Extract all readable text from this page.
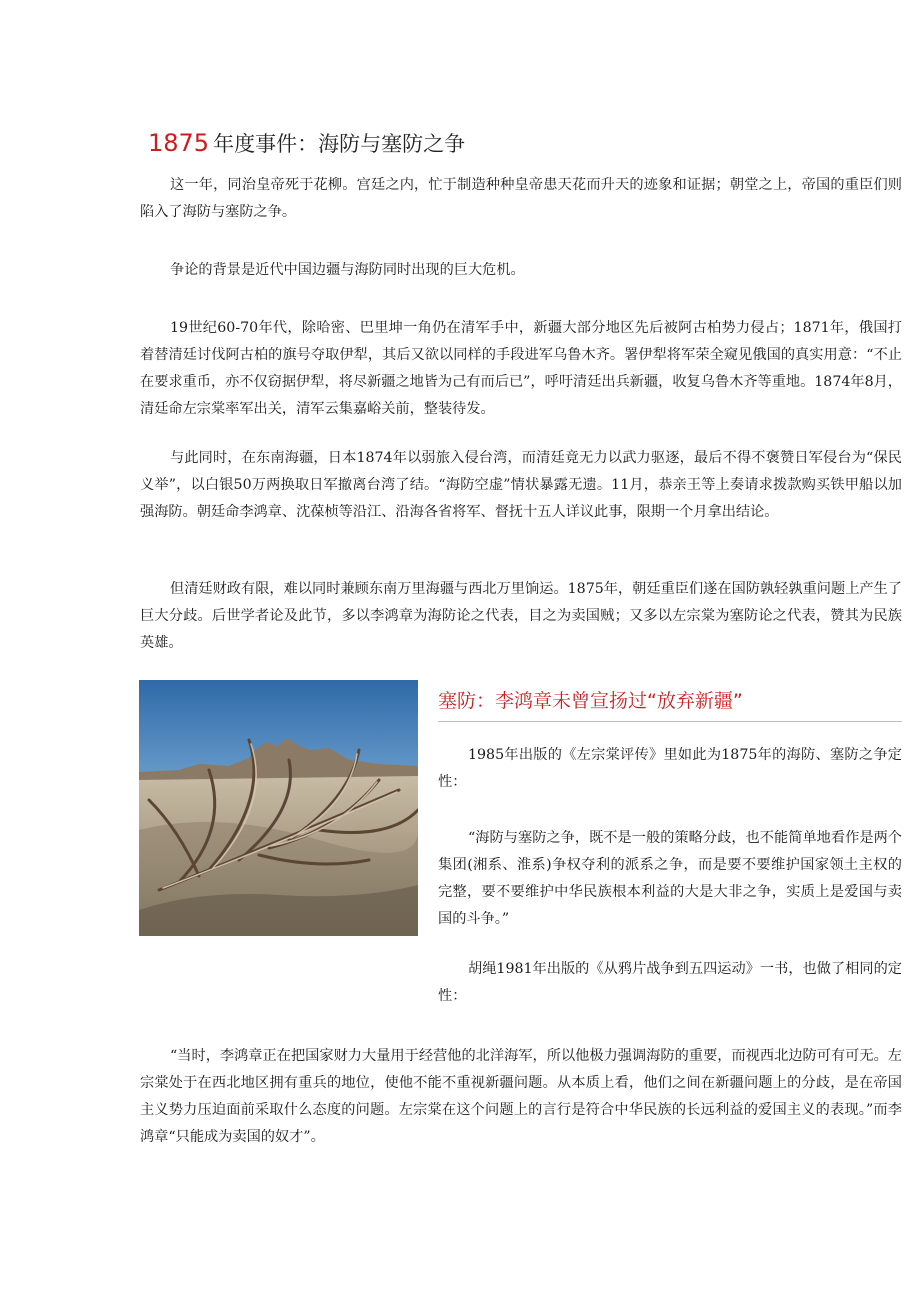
1875 年度事件：海防与塞防之争

这一年，同治皇帝死于花柳。宫廷之内，忙于制造种种皇帝患天花而升天的迹象和证据；朝堂之上，帝国的重臣们则陷入了海防与塞防之争。

争论的背景是近代中国边疆与海防同时出现的巨大危机。

19世纪60-70年代，除哈密、巴里坤一角仍在清军手中，新疆大部分地区先后被阿古柏势力侵占；1871年，俄国打着替清廷讨伐阿古柏的旗号夺取伊犁，其后又欲以同样的手段进军乌鲁木齐。署伊犁将军荣全窥见俄国的真实用意：“不止在要求重币，亦不仅窃据伊犁，将尽新疆之地皆为己有而后已”，呼吁清廷出兵新疆，收复乌鲁木齐等重地。1874年8月，清廷命左宗棠率军出关，清军云集嘉峪关前，整装待发。

与此同时，在东南海疆，日本1874年以弱旅入侵台湾，而清廷竟无力以武力驱逐，最后不得不褒赞日军侵台为“保民义举”，以白银50万两换取日军撤离台湾了结。“海防空虚”情状暴露无遗。11月，恭亲王等上奏请求拨款购买铁甲船以加强海防。朝廷命李鸿章、沈葆桢等沿江、沿海各省将军、督抚十五人详议此事，限期一个月拿出结论。

但清廷财政有限，难以同时兼顾东南万里海疆与西北万里饷运。1875年，朝廷重臣们遂在国防孰轻孰重问题上产生了巨大分歧。后世学者论及此节，多以李鸿章为海防论之代表，目之为卖国贼；又多以左宗棠为塞防论之代表，赞其为民族英雄。

塞防：李鸿章未曾宣扬过“放弃新疆”

1985年出版的《左宗棠评传》里如此为1875年的海防、塞防之争定性：

“海防与塞防之争，既不是一般的策略分歧，也不能简单地看作是两个集团(湘系、淮系)争权夺利的派系之争，而是要不要维护国家领土主权的完整，要不要维护中华民族根本利益的大是大非之争，实质上是爱国与卖国的斗争。”

胡绳1981年出版的《从鸦片战争到五四运动》一书，也做了相同的定性：

“当时，李鸿章正在把国家财力大量用于经营他的北洋海军，所以他极力强调海防的重要，而视西北边防可有可无。左宗棠处于在西北地区拥有重兵的地位，使他不能不重视新疆问题。从本质上看，他们之间在新疆问题上的分歧，是在帝国主义势力压迫面前采取什么态度的问题。左宗棠在这个问题上的言行是符合中华民族的长远利益的爱国主义的表现。”而李鸿章“只能成为卖国的奴才”。
